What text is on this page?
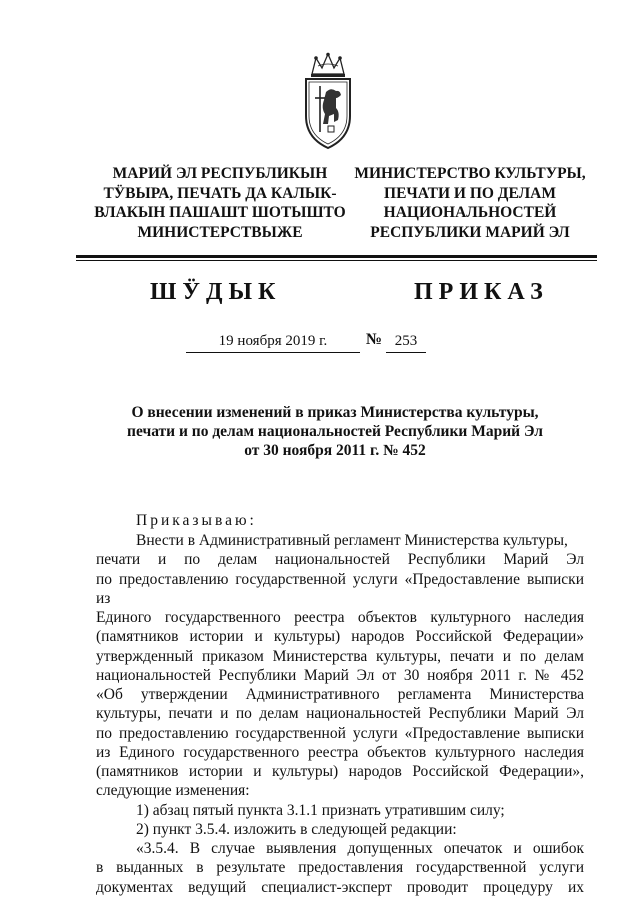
МАРИЙ ЭЛ РЕСПУБЛИКЫН
ТӰВЫРА, ПЕЧАТЬ ДА КАЛЫК-
ВЛАКЫН ПАШАШТ ШОТЫШТО
МИНИСТЕРСТВЫЖЕ
МИНИСТЕРСТВО КУЛЬТУРЫ,
ПЕЧАТИ И ПО ДЕЛАМ
НАЦИОНАЛЬНОСТЕЙ
РЕСПУБЛИКИ МАРИЙ ЭЛ
ШӰДЫК	ПРИКАЗ
19 ноября 2019 г.	№ 253
О внесении изменений в приказ Министерства культуры,
печати и по делам национальностей Республики Марий Эл
от 30 ноября 2011 г. № 452
Приказываю:
Внести в Административный регламент Министерства культуры,
печати и по делам национальностей Республики Марий Эл
по предоставлению государственной услуги «Предоставление выписки из
Единого государственного реестра объектов культурного наследия
(памятников истории и культуры) народов Российской Федерации»
утвержденный приказом Министерства культуры, печати и по делам
национальностей Республики Марий Эл от 30 ноября 2011 г. № 452
«Об утверждении Административного регламента Министерства
культуры, печати и по делам национальностей Республики Марий Эл
по предоставлению государственной услуги «Предоставление выписки
из Единого государственного реестра объектов культурного наследия
(памятников истории и культуры) народов Российской Федерации»,
следующие изменения:
1) абзац пятый пункта 3.1.1 признать утратившим силу;
2) пункт 3.5.4. изложить в следующей редакции:
«3.5.4. В случае выявления допущенных опечаток и ошибок
в выданных в результате предоставления государственной услуги
документах ведущий специалист-эксперт проводит процедуру их
